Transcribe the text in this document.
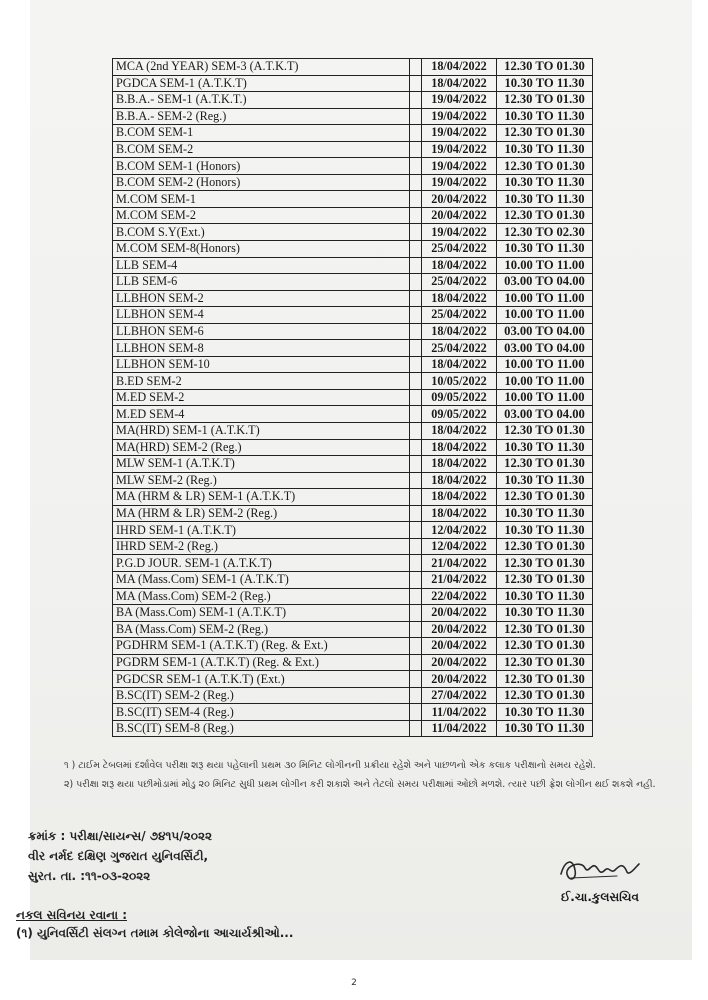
MCA (2nd YEAR) SEM-3 (A.T.K.T)		18/04/2022	12.30 TO 01.30
PGDCA SEM-1 (A.T.K.T)		18/04/2022	10.30 TO 11.30
B.B.A.- SEM-1 (A.T.K.T.)		19/04/2022	12.30 TO 01.30
B.B.A.- SEM-2 (Reg.)		19/04/2022	10.30 TO 11.30
B.COM SEM-1		19/04/2022	12.30 TO 01.30
B.COM SEM-2		19/04/2022	10.30 TO 11.30
B.COM SEM-1 (Honors)		19/04/2022	12.30 TO 01.30
B.COM SEM-2 (Honors)		19/04/2022	10.30 TO 11.30
M.COM SEM-1		20/04/2022	10.30 TO 11.30
M.COM SEM-2		20/04/2022	12.30 TO 01.30
B.COM S.Y(Ext.)		19/04/2022	12.30 TO 02.30
M.COM SEM-8(Honors)		25/04/2022	10.30 TO 11.30
LLB SEM-4		18/04/2022	10.00 TO 11.00
LLB SEM-6		25/04/2022	03.00 TO 04.00
LLBHON SEM-2		18/04/2022	10.00 TO 11.00
LLBHON SEM-4		25/04/2022	10.00 TO 11.00
LLBHON SEM-6		18/04/2022	03.00 TO 04.00
LLBHON SEM-8		25/04/2022	03.00 TO 04.00
LLBHON SEM-10		18/04/2022	10.00 TO 11.00
B.ED SEM-2		10/05/2022	10.00 TO 11.00
M.ED SEM-2		09/05/2022	10.00 TO 11.00
M.ED SEM-4		09/05/2022	03.00 TO 04.00
MA(HRD) SEM-1 (A.T.K.T)		18/04/2022	12.30 TO 01.30
MA(HRD) SEM-2 (Reg.)		18/04/2022	10.30 TO 11.30
MLW SEM-1 (A.T.K.T)		18/04/2022	12.30 TO 01.30
MLW SEM-2 (Reg.)		18/04/2022	10.30 TO 11.30
MA (HRM & LR) SEM-1 (A.T.K.T)		18/04/2022	12.30 TO 01.30
MA (HRM & LR) SEM-2 (Reg.)		18/04/2022	10.30 TO 11.30
IHRD SEM-1 (A.T.K.T)		12/04/2022	10.30 TO 11.30
IHRD SEM-2 (Reg.)		12/04/2022	12.30 TO 01.30
P.G.D JOUR. SEM-1 (A.T.K.T)		21/04/2022	12.30 TO 01.30
MA (Mass.Com) SEM-1 (A.T.K.T)		21/04/2022	12.30 TO 01.30
MA (Mass.Com) SEM-2 (Reg.)		22/04/2022	10.30 TO 11.30
BA (Mass.Com) SEM-1 (A.T.K.T)		20/04/2022	10.30 TO 11.30
BA (Mass.Com) SEM-2 (Reg.)		20/04/2022	12.30 TO 01.30
PGDHRM SEM-1 (A.T.K.T) (Reg. & Ext.)		20/04/2022	12.30 TO 01.30
PGDRM SEM-1 (A.T.K.T) (Reg. & Ext.)		20/04/2022	12.30 TO 01.30
PGDCSR SEM-1 (A.T.K.T) (Ext.)		20/04/2022	12.30 TO 01.30
B.SC(IT) SEM-2 (Reg.)		27/04/2022	12.30 TO 01.30
B.SC(IT) SEM-4 (Reg.)		11/04/2022	10.30 TO 11.30
B.SC(IT) SEM-8 (Reg.)		11/04/2022	10.30 TO 11.30

૧ ) ટાઈમ ટેબલમાં દર્શાવેલ પરીક્ષા શરૂ થયા પહેલાની પ્રથમ ૩૦ મિનિટ લોગીનની પ્રક્રીયા રહેશે અને પાછળનો એક કલાક પરીક્ષાનો સમય રહેશે.

૨) પરીક્ષા શરૂ થયા પછીમોડામાં મોડુ ૨૦ મિનિટ સુધી પ્રથમ લોગીન કરી શકાશે અને તેટલો સમય પરીક્ષામાં ઓછો મળશે. ત્યાર પછી ફ્રેશ લોગીન થઈ શકશે નહી.

ક્રમાંક : પરીક્ષા/સાયન્સ/ ૭૪૧૫/૨૦૨૨
વીર નર્મદ દક્ષિણ ગુજરાત યુનિવર્સિટી,
સુરત. તા. :૧૧-૦૩-૨૦૨૨
ઈ.ચા.કુલસચિવ
નકલ સવિનય રવાના :
(૧) યુનિવર્સિટી સંલગ્ન તમામ કોલેજોના આચાર્યશ્રીઓ...
2
